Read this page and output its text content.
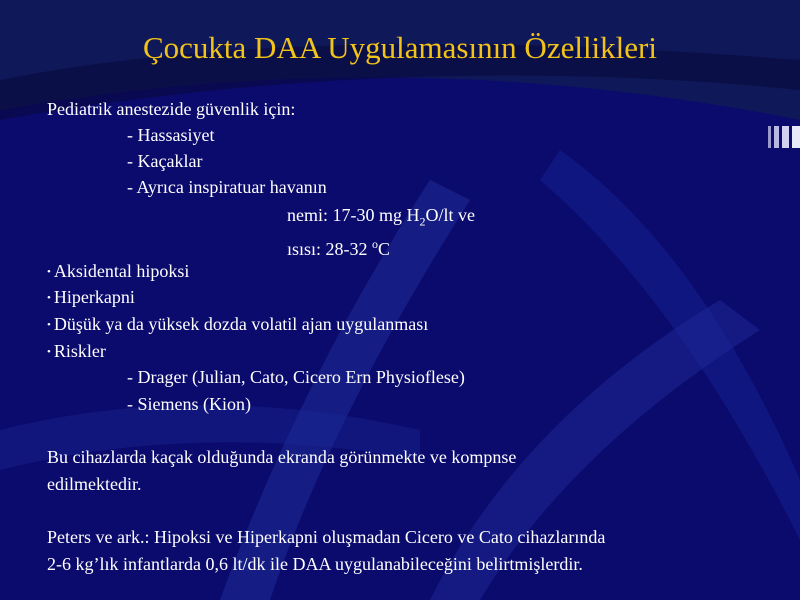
Çocukta DAA Uygulamasının Özellikleri
Pediatrik anestezide güvenlik için:
- Hassasiyet
- Kaçaklar
- Ayrıca inspiratuar havanın
nemi: 17-30 mg $H_2O/lt$ ve
ısısı: 28-32 $^o$C
• Aksidental hipoksi
• Hiperkapni
• Düşük ya da yüksek dozda volatil ajan uygulanması
• Riskler
- Drager (Julian, Cato, Cicero Ern Physioflese)
- Siemens (Kion)
Bu cihazlarda kaçak olduğunda ekranda görünmekte ve kompnse
edilmektedir.
Peters ve ark.: Hipoksi ve Hiperkapni oluşmadan Cicero ve Cato cihazlarında
2-6 kg’lık infantlarda 0,6 lt/dk ile DAA uygulanabileceğini belirtmişlerdir.
